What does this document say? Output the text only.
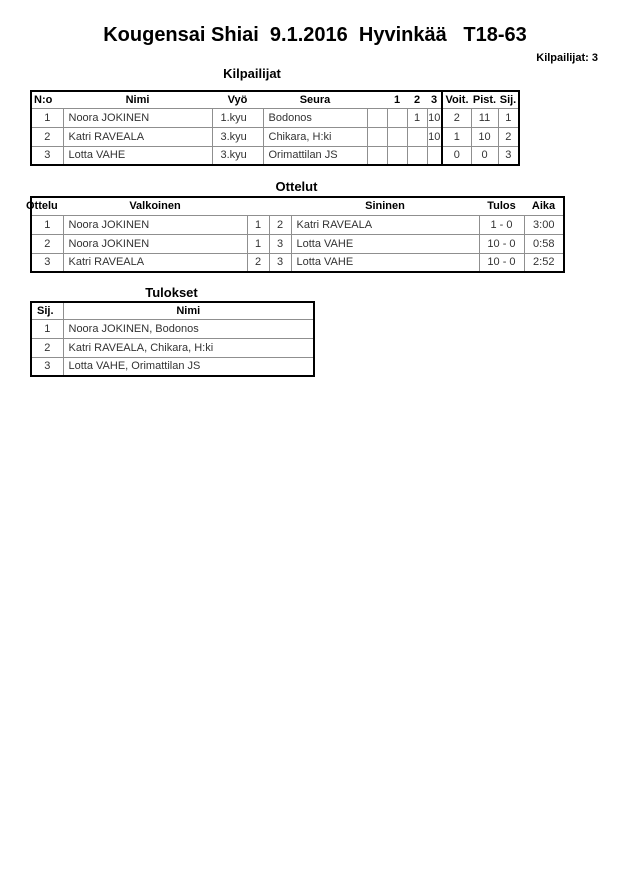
Kougensai Shiai  9.1.2016  Hyvinkää   T18-63
Kilpailijat: 3
Kilpailijat
N:o	Nimi	Vyö	Seura		1	2	3	Voit.	Pist.	Sij.
1	Noora JOKINEN	1.kyu	Bodonos			1	10	2	11	1
2	Katri RAVEALA	3.kyu	Chikara, H:ki				10	1	10	2
3	Lotta VAHE	3.kyu	Orimattilan JS					0	0	3
Ottelut
Ottelu	Valkoinen			Sininen	Tulos	Aika
1	Noora JOKINEN	1	2	Katri RAVEALA	1 - 0	3:00
2	Noora JOKINEN	1	3	Lotta VAHE	10 - 0	0:58
3	Katri RAVEALA	2	3	Lotta VAHE	10 - 0	2:52
Tulokset
Sij.	Nimi
1	Noora JOKINEN, Bodonos
2	Katri RAVEALA, Chikara, H:ki
3	Lotta VAHE, Orimattilan JS
